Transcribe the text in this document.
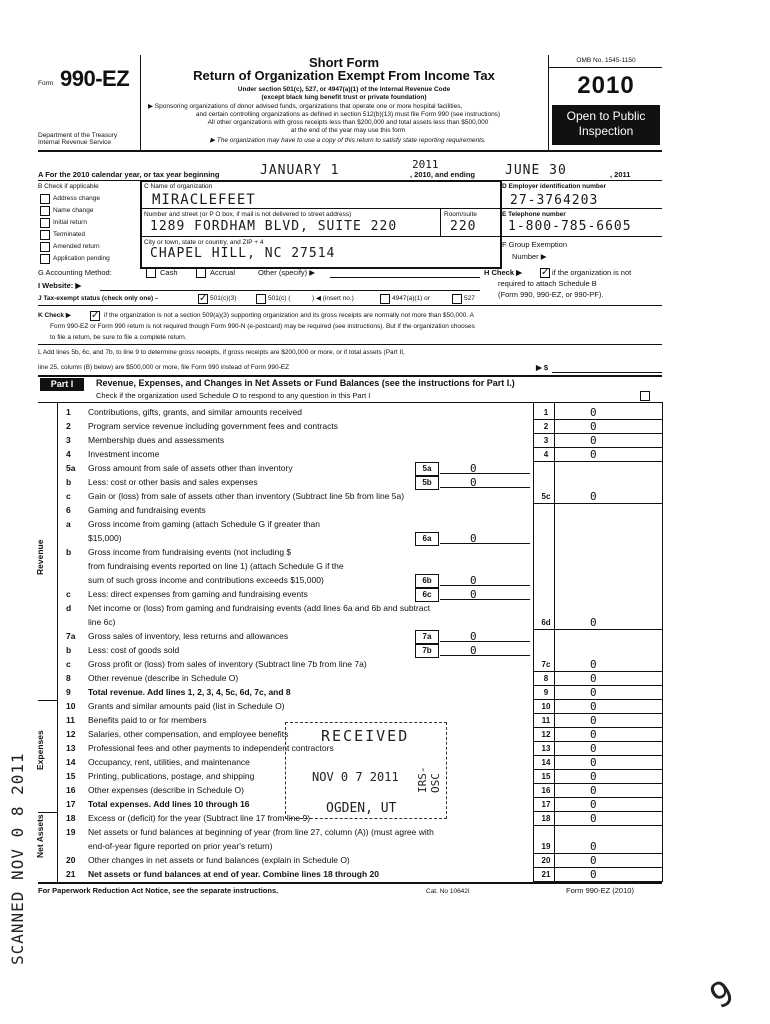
Form 990-EZ
Department of the Treasury
Internal Revenue Service
Short Form
Return of Organization Exempt From Income Tax
Under section 501(c), 527, or 4947(a)(1) of the Internal Revenue Code
(except black lung benefit trust or private foundation)
▶ Sponsoring organizations of donor advised funds, organizations that operate one or more hospital facilities,
and certain controlling organizations as defined in section 512(b)(13) must file Form 990 (see instructions)
All other organizations with gross receipts less than $200,000 and total assets less than $500,000
at the end of the year may use this form
▶ The organization may have to use a copy of this return to satisfy state reporting requirements.
OMB No. 1545-1150
2010
Open to Public
Inspection
A For the 2010 calendar year, or tax year beginning	JANUARY 1	2011
, 2010, and ending JUNE 30	, 2011
B Check if applicable
Address change
Name change
Initial return
Terminated
Amended return
Application pending
C Name of organization
MIRACLEFEET
Number and street (or P O box, if mail is not delivered to street address)	Room/suite
1289 FORDHAM BLVD, SUITE 220	220
City or town, state or country, and ZIP + 4
CHAPEL HILL, NC 27514
D Employer identification number
27-3764203
E Telephone number
1-800-785-6605
F Group Exemption
Number ▶
G Accounting Method:	Cash	Accrual	Other (specify) ▶	H Check ▶ ✓ if the organization is not
required to attach Schedule B
(Form 990, 990-EZ, or 990-PF).
I Website: ▶
J Tax-exempt status (check only one) –	✓ 501(c)(3)	501(c) (	) ◀ (insert no.)	4947(a)(1) or	527
K Check ▶ ✓ if the organization is not a section 509(a)(3) supporting organization and its gross receipts are normally not more than $50,000. A
Form 990-EZ or Form 990 return is not required though Form 990-N (e-postcard) may be required (see instructions). But if the organization chooses
to file a return, be sure to file a complete return.
L Add lines 5b, 6c, and 7b, to line 9 to determine gross receipts, if gross receipts are $200,000 or more, or if total assets (Part II,
line 25, column (B) below) are $500,000 or more, file Form 990 instead of Form 990-EZ	▶ $
Part I	Revenue, Expenses, and Changes in Net Assets or Fund Balances (see the instructions for Part I.)
Check if the organization used Schedule O to respond to any question in this Part I
Revenue
Expenses
Net Assets
1	Contributions, gifts, grants, and similar amounts received	1	0
2	Program service revenue including government fees and contracts	2	0
3	Membership dues and assessments	3	0
4	Investment income	4	0
5a	Gross amount from sale of assets other than inventory	5a	0
b	Less: cost or other basis and sales expenses	5b	0
c	Gain or (loss) from sale of assets other than inventory (Subtract line 5b from line 5a)	5c	0
6	Gaming and fundraising events
a	Gross income from gaming (attach Schedule G if greater than
$15,000)	6a	0
b	Gross income from fundraising events (not including $
from fundraising events reported on line 1) (attach Schedule G if the
sum of such gross income and contributions exceeds $15,000)	6b	0
c	Less: direct expenses from gaming and fundraising events	6c	0
d	Net income or (loss) from gaming and fundraising events (add lines 6a and 6b and subtract
line 6c)	6d	0
7a	Gross sales of inventory, less returns and allowances	7a	0
b	Less: cost of goods sold	7b	0
c	Gross profit or (loss) from sales of inventory (Subtract line 7b from line 7a)	7c	0
8	Other revenue (describe in Schedule O)	8	0
9	Total revenue. Add lines 1, 2, 3, 4, 5c, 6d, 7c, and 8	9	0
10	Grants and similar amounts paid (list in Schedule O)	10	0
11	Benefits paid to or for members	11	0
12	Salaries, other compensation, and employee benefits	12	0
13	Professional fees and other payments to independent contractors	13	0
14	Occupancy, rent, utilities, and maintenance	14	0
15	Printing, publications, postage, and shipping	15	0
16	Other expenses (describe in Schedule O)	16	0
17	Total expenses. Add lines 10 through 16	17	0
18	Excess or (deficit) for the year (Subtract line 17 from line 9)	18	0
19	Net assets or fund balances at beginning of year (from line 27, column (A)) (must agree with
end-of-year figure reported on prior year's return)	19	0
20	Other changes in net assets or fund balances (explain in Schedule O)	20	0
21	Net assets or fund balances at end of year. Combine lines 18 through 20	21	0
For Paperwork Reduction Act Notice, see the separate instructions.	Cat. No 10642I	Form 990-EZ (2010)
RECEIVED
NOV 0 7 2011 IRS-OSC
OGDEN, UT
SCANNED NOV 0 8 2011
9
